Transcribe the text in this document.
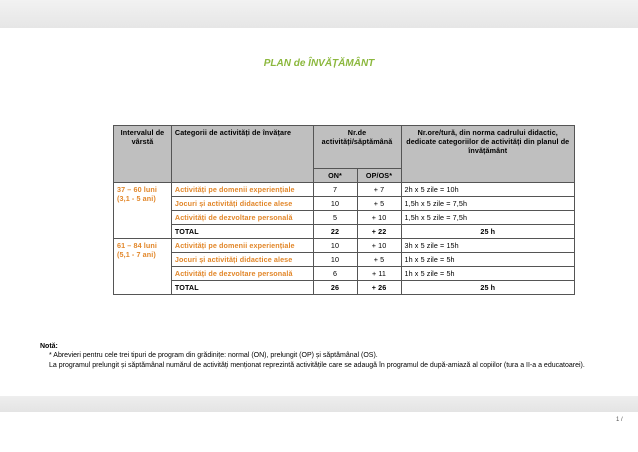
PLAN de ÎNVĂȚĂMÂNT
Intervalul de vârstă	Categorii de activități de învățare	Nr.de activități/săptămână		Nr.ore/tură, din norma cadrului didactic, dedicate categoriilor de activități din planul de învățământ
		ON*	OP/OS*	
37 – 60 luni (3,1 - 5 ani)	Activități pe domenii experiențiale	7	+ 7	2h x 5 zile = 10h
	Jocuri și activități didactice alese	10	+ 5	1,5h x 5 zile = 7,5h
	Activități de dezvoltare personală	5	+ 10	1,5h x 5 zile = 7,5h
	TOTAL	22	+ 22	25 h
61 – 84 luni (5,1 - 7 ani)	Activități pe domenii experiențiale	10	+ 10	3h x 5 zile = 15h
	Jocuri și activități didactice alese	10	+ 5	1h x 5 zile = 5h
	Activități de dezvoltare personală	6	+ 11	1h x 5 zile = 5h
	TOTAL	26	+ 26	25 h
Notă:
* Abrevieri pentru cele trei tipuri de program din grădinițe: normal (ON), prelungit (OP) și săptămânal (OS).
La programul prelungit și săptămânal numărul de activități menționat reprezintă activitățile care se adaugă în programul de după-amiază al copiilor (tura a II-a a educatoarei).
1 /
